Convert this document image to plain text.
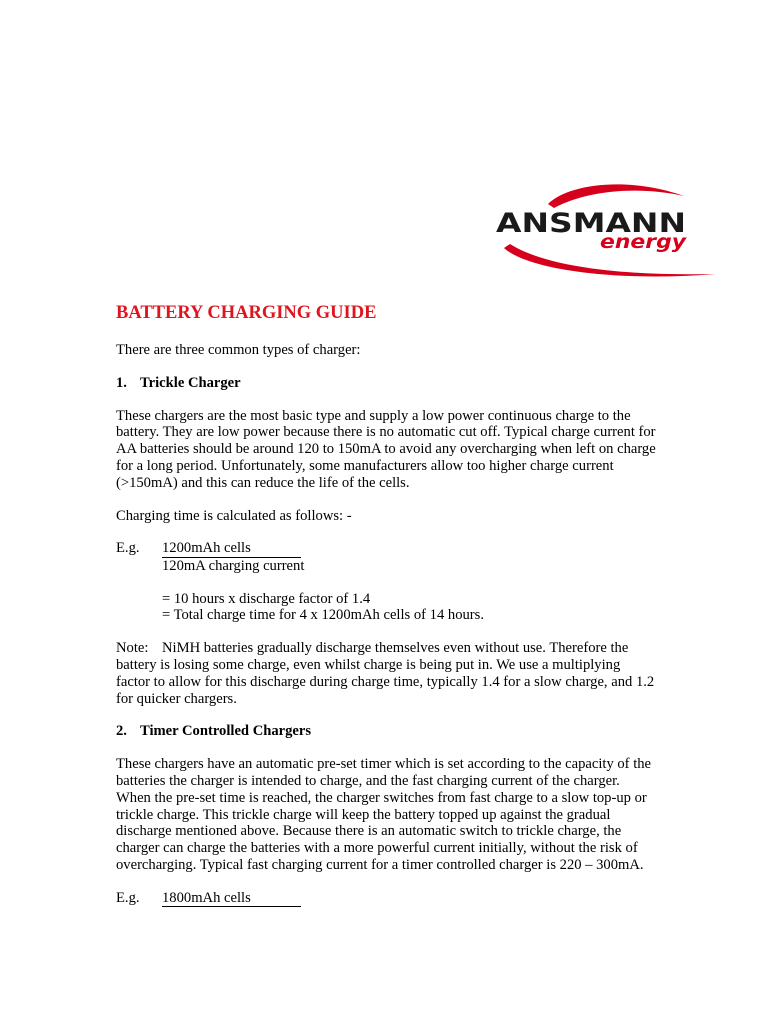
ANSMANN
energy
BATTERY CHARGING GUIDE
There are three common types of charger:
1. Trickle Charger
These chargers are the most basic type and supply a low power continuous charge to the battery. They are low power because there is no automatic cut off. Typical charge current for AA batteries should be around 120 to 150mA to avoid any overcharging when left on charge for a long period. Unfortunately, some manufacturers allow too higher charge current (>150mA) and this can reduce the life of the cells.
Charging time is calculated as follows: -
E.g. 1200mAh cells
120mA charging current
= 10 hours x discharge factor of 1.4
= Total charge time for 4 x 1200mAh cells of 14 hours.
Note: NiMH batteries gradually discharge themselves even without use. Therefore the battery is losing some charge, even whilst charge is being put in. We use a multiplying factor to allow for this discharge during charge time, typically 1.4 for a slow charge, and 1.2 for quicker chargers.
2. Timer Controlled Chargers
These chargers have an automatic pre-set timer which is set according to the capacity of the batteries the charger is intended to charge, and the fast charging current of the charger. When the pre-set time is reached, the charger switches from fast charge to a slow top-up or trickle charge. This trickle charge will keep the battery topped up against the gradual discharge mentioned above. Because there is an automatic switch to trickle charge, the charger can charge the batteries with a more powerful current initially, without the risk of overcharging. Typical fast charging current for a timer controlled charger is 220 – 300mA.
E.g. 1800mAh cells
